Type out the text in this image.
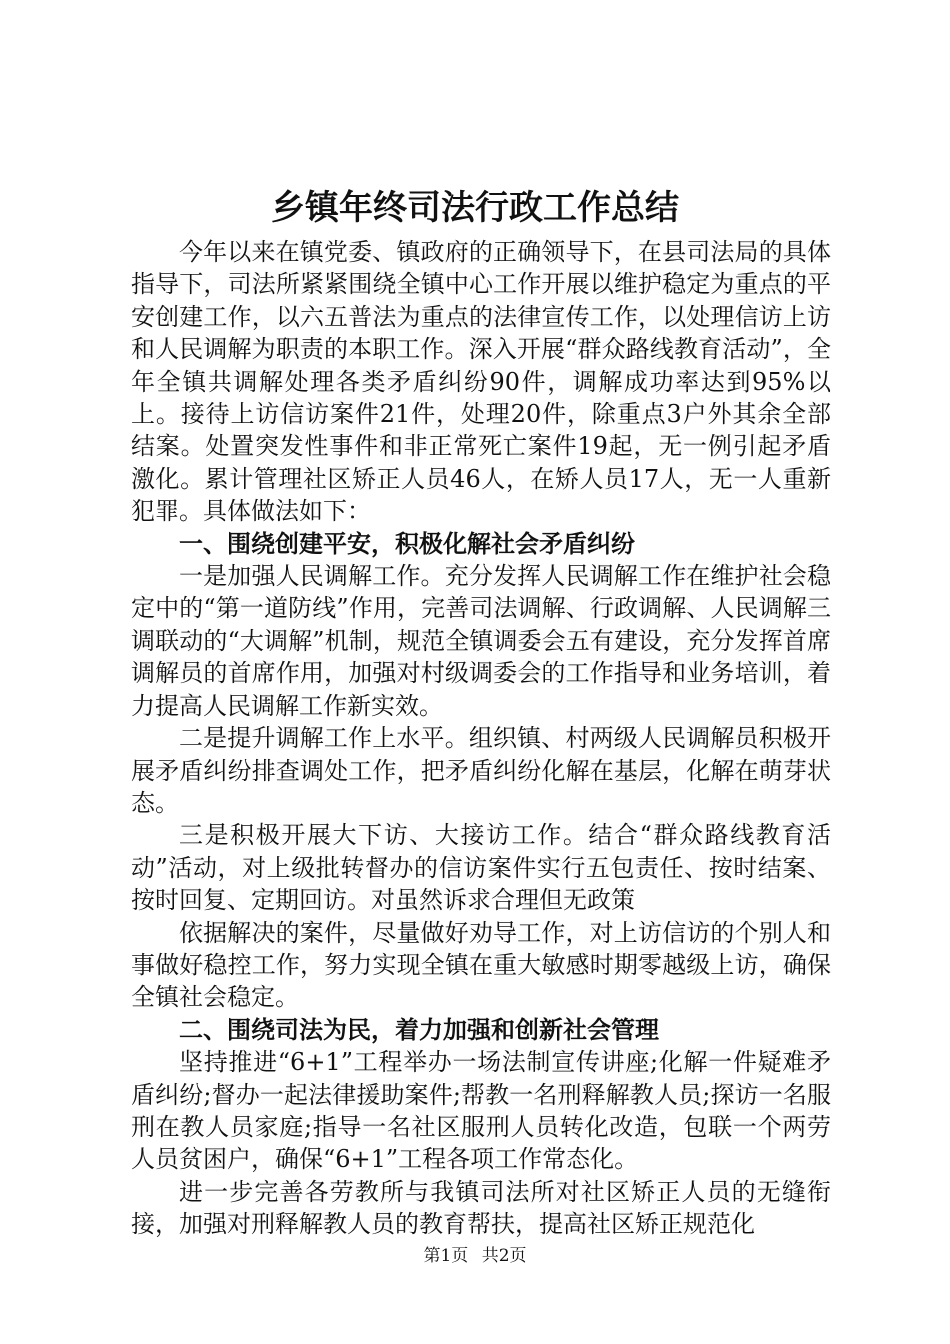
乡镇年终司法行政工作总结

今年以来在镇党委、镇政府的正确领导下，在县司法局的具体指导下，司法所紧紧围绕全镇中心工作开展以维护稳定为重点的平安创建工作，以六五普法为重点的法律宣传工作，以处理信访上访和人民调解为职责的本职工作。深入开展“群众路线教育活动”，全年全镇共调解处理各类矛盾纠纷90件，调解成功率达到95%以上。接待上访信访案件21件，处理20件，除重点3户外其余全部结案。处置突发性事件和非正常死亡案件19起，无一例引起矛盾激化。累计管理社区矫正人员46人，在矫人员17人，无一人重新犯罪。具体做法如下：

一、围绕创建平安，积极化解社会矛盾纠纷

一是加强人民调解工作。充分发挥人民调解工作在维护社会稳定中的“第一道防线”作用，完善司法调解、行政调解、人民调解三调联动的“大调解”机制，规范全镇调委会五有建设，充分发挥首席调解员的首席作用，加强对村级调委会的工作指导和业务培训，着力提高人民调解工作新实效。

二是提升调解工作上水平。组织镇、村两级人民调解员积极开展矛盾纠纷排查调处工作，把矛盾纠纷化解在基层，化解在萌芽状态。

三是积极开展大下访、大接访工作。结合“群众路线教育活动”活动，对上级批转督办的信访案件实行五包责任、按时结案、按时回复、定期回访。对虽然诉求合理但无政策

依据解决的案件，尽量做好劝导工作，对上访信访的个别人和事做好稳控工作，努力实现全镇在重大敏感时期零越级上访，确保全镇社会稳定。

二、围绕司法为民，着力加强和创新社会管理

坚持推进“6+1”工程举办一场法制宣传讲座;化解一件疑难矛盾纠纷;督办一起法律援助案件;帮教一名刑释解教人员;探访一名服刑在教人员家庭;指导一名社区服刑人员转化改造，包联一个两劳人员贫困户，确保“6+1”工程各项工作常态化。

进一步完善各劳教所与我镇司法所对社区矫正人员的无缝衔接，加强对刑释解教人员的教育帮扶，提高社区矫正规范化

第1页 共2页
